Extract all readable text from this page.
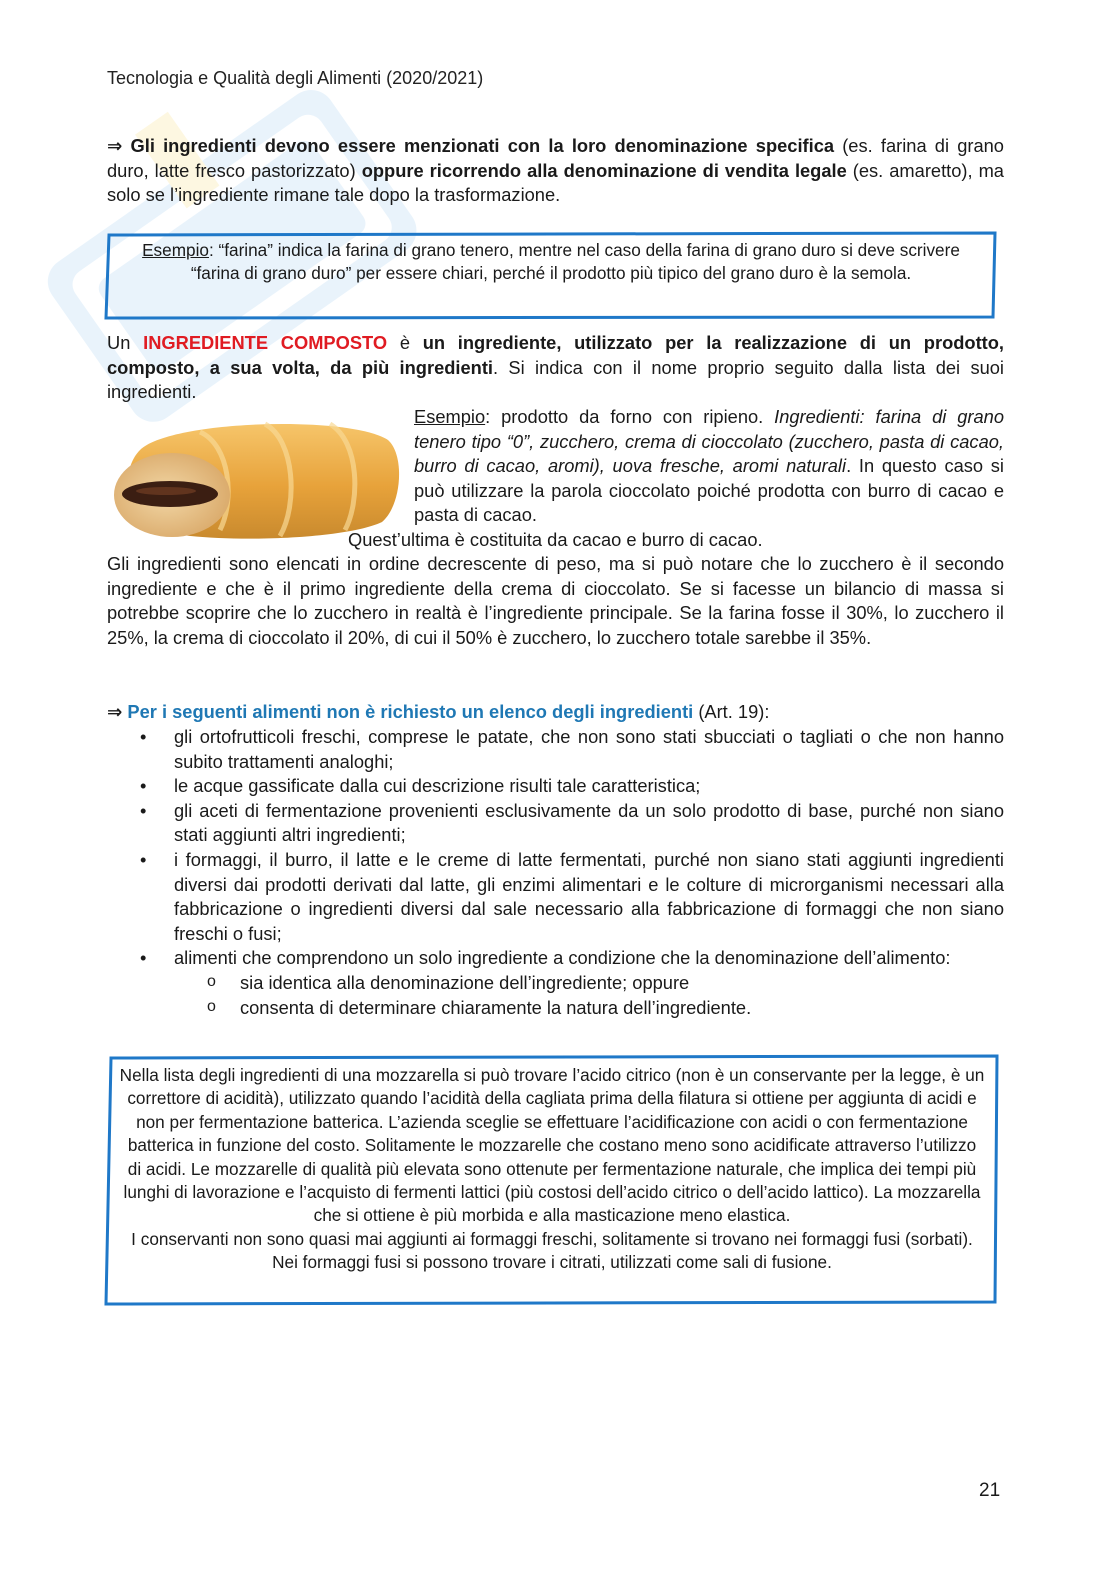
Tecnologia e Qualità degli Alimenti (2020/2021)

⇒ Gli ingredienti devono essere menzionati con la loro denominazione specifica (es. farina di grano duro, latte fresco pastorizzato) oppure ricorrendo alla denominazione di vendita legale (es. amaretto), ma solo se l’ingrediente rimane tale dopo la trasformazione.

Esempio: “farina” indica la farina di grano tenero, mentre nel caso della farina di grano duro si deve scrivere “farina di grano duro” per essere chiari, perché il prodotto più tipico del grano duro è la semola.

Un INGREDIENTE COMPOSTO è un ingrediente, utilizzato per la realizzazione di un prodotto, composto, a sua volta, da più ingredienti. Si indica con il nome proprio seguito dalla lista dei suoi ingredienti.

Esempio: prodotto da forno con ripieno. Ingredienti: farina di grano tenero tipo “0”, zucchero, crema di cioccolato (zucchero, pasta di cacao, burro di cacao, aromi), uova fresche, aromi naturali. In questo caso si può utilizzare la parola cioccolato poiché prodotta con burro di cacao e pasta di cacao.

Quest’ultima è costituita da cacao e burro di cacao.

Gli ingredienti sono elencati in ordine decrescente di peso, ma si può notare che lo zucchero è il secondo ingrediente e che è il primo ingrediente della crema di cioccolato. Se si facesse un bilancio di massa si potrebbe scoprire che lo zucchero in realtà è l’ingrediente principale. Se la farina fosse il 30%, lo zucchero il 25%, la crema di cioccolato il 20%, di cui il 50% è zucchero, lo zucchero totale sarebbe il 35%.

⇒ Per i seguenti alimenti non è richiesto un elenco degli ingredienti (Art. 19):

• gli ortofrutticoli freschi, comprese le patate, che non sono stati sbucciati o tagliati o che non hanno subito trattamenti analoghi;
• le acque gassificate dalla cui descrizione risulti tale caratteristica;
• gli aceti di fermentazione provenienti esclusivamente da un solo prodotto di base, purché non siano stati aggiunti altri ingredienti;
• i formaggi, il burro, il latte e le creme di latte fermentati, purché non siano stati aggiunti ingredienti diversi dai prodotti derivati dal latte, gli enzimi alimentari e le colture di microrganismi necessari alla fabbricazione o ingredienti diversi dal sale necessario alla fabbricazione di formaggi che non siano freschi o fusi;
• alimenti che comprendono un solo ingrediente a condizione che la denominazione dell’alimento:
o sia identica alla denominazione dell’ingrediente; oppure
o consenta di determinare chiaramente la natura dell’ingrediente.
Nella lista degli ingredienti di una mozzarella si può trovare l’acido citrico (non è un conservante per la legge, è un correttore di acidità), utilizzato quando l’acidità della cagliata prima della filatura si ottiene per aggiunta di acidi e non per fermentazione batterica. L’azienda sceglie se effettuare l’acidificazione con acidi o con fermentazione batterica in funzione del costo. Solitamente le mozzarelle che costano meno sono acidificate attraverso l’utilizzo di acidi. Le mozzarelle di qualità più elevata sono ottenute per fermentazione naturale, che implica dei tempi più lunghi di lavorazione e l’acquisto di fermenti lattici (più costosi dell’acido citrico o dell’acido lattico). La mozzarella che si ottiene è più morbida e alla masticazione meno elastica.
I conservanti non sono quasi mai aggiunti ai formaggi freschi, solitamente si trovano nei formaggi fusi (sorbati). Nei formaggi fusi si possono trovare i citrati, utilizzati come sali di fusione.
21
